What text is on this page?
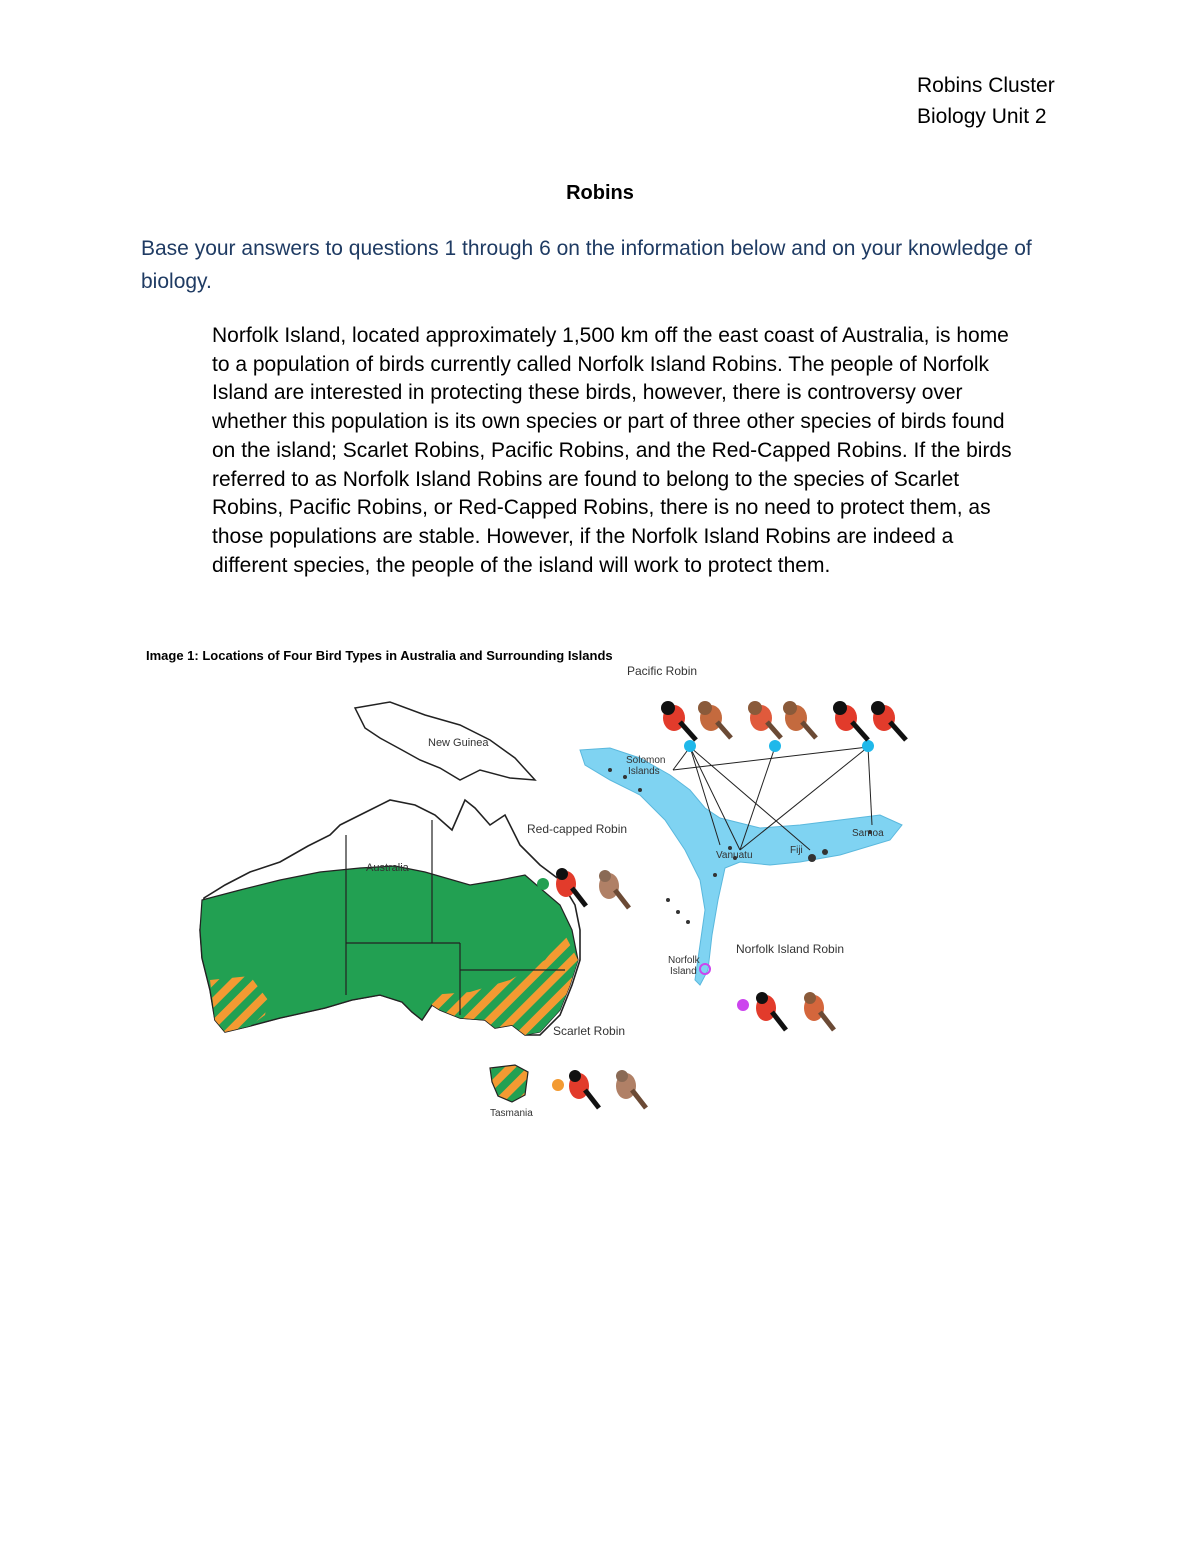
Robins Cluster
Biology Unit 2
Robins
Base your answers to questions 1 through 6 on the information below and on your knowledge of biology.
Norfolk Island, located approximately 1,500 km off the east coast of Australia, is home to a population of birds currently called Norfolk Island Robins. The people of Norfolk Island are interested in protecting these birds, however, there is controversy over whether this population is its own species or part of three other species of birds found on the island; Scarlet Robins, Pacific Robins, and the Red-Capped Robins. If the birds referred to as Norfolk Island Robins are found to belong to the species of Scarlet Robins, Pacific Robins, or Red-Capped Robins, there is no need to protect them, as those populations are stable. However, if the Norfolk Island Robins are indeed a different species, the people of the island will work to protect them.
Image 1: Locations of Four Bird Types in Australia and Surrounding Islands
Pacific Robin
New Guinea
Solomon
Islands
Red-capped Robin
Australia
Vanuatu	Fiji
Samoa
Norfolk Island Robin
Norfolk
Island
Scarlet Robin
Tasmania
